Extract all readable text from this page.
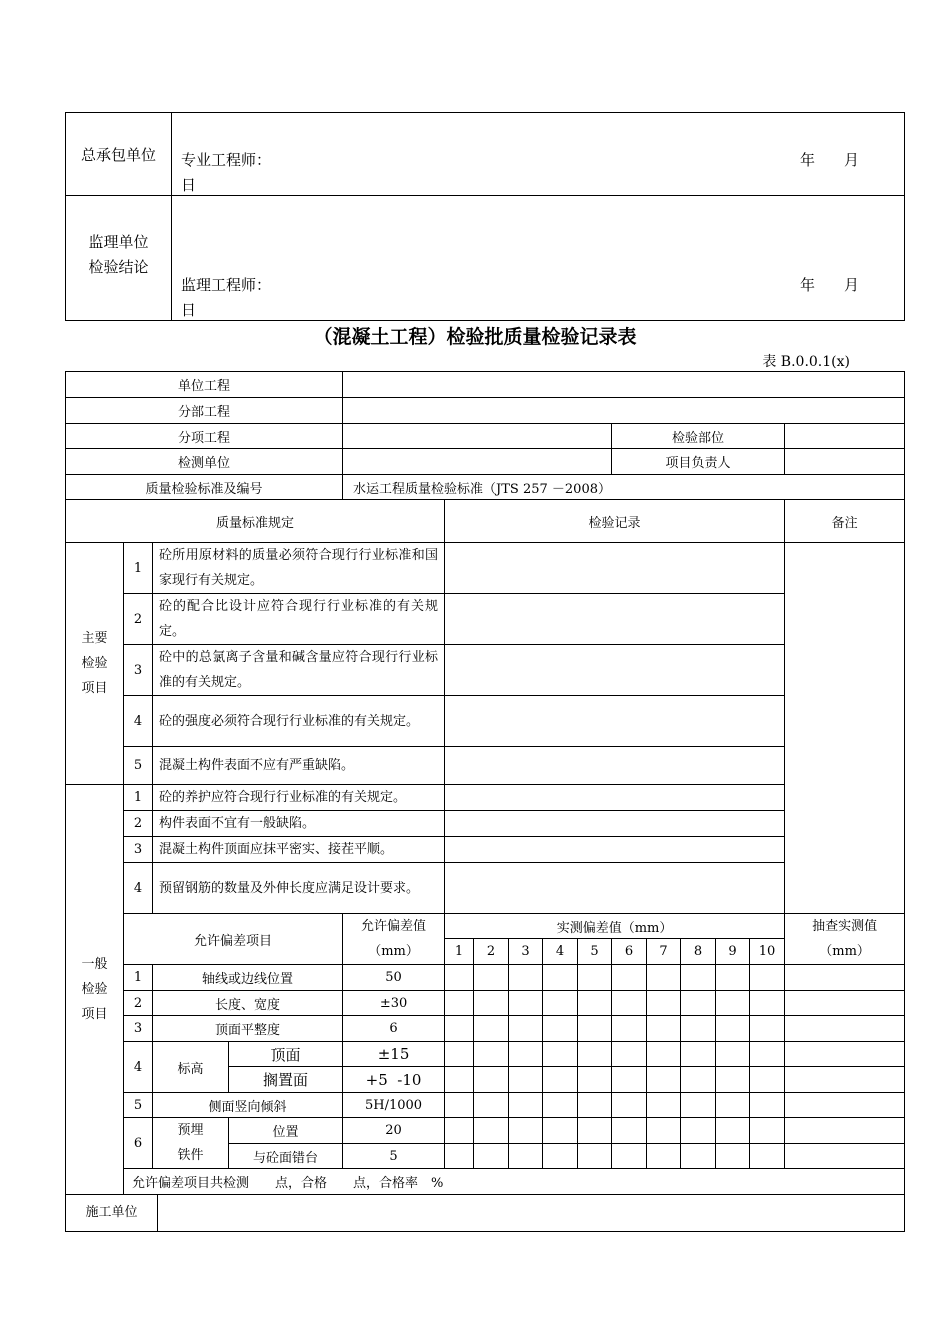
总承包单位	专业工程师： 年 月
日

监理单位
检验结论	监理工程师： 年 月
日
（混凝土工程）检验批质量检验记录表
表 B.0.0.1(x)
单位工程															
分部工程															
分项工程										检验部位					
检测单位										项目负责人					
质量检验标准及编号				水运工程质量检验标准（JTS 257 －2008）											
质量标准规定					检验记录										备注

主要
检验
项目	1	砼所用原材料的质量必须符合现行行业标准和国家现行有关规定。													
	2	砼的配合比设计应符合现行行业标准的有关规定。													
	3	砼中的总氯离子含量和碱含量应符合现行行业标准的有关规定。													
	4	砼的强度必须符合现行行业标准的有关规定。													
	5	混凝土构件表面不应有严重缺陷。													

一般
检验
项目	1	砼的养护应符合现行行业标准的有关规定。													
	2	构件表面不宜有一般缺陷。													
	3	混凝土构件顶面应抹平密实、接茬平顺。													
	4	预留钢筋的数量及外伸长度应满足设计要求。													
	允许偏差项目			允许偏差值
（mm）	实测偏差值（mm）										抽查实测值
（mm）

					1	2	3	4	5	6	7	8	9	10	
	1	轴线或边线位置		50											
	2	长度、宽度		±30											
	3	顶面平整度		6											
	4	标高	顶面	±15											
			搁置面	+5  -10											
	5	侧面竖向倾斜		5H/1000											
	6	预埋
铁件	位置	20											
			与砼面错台	5											
	允许偏差项目共检测　　点，合格　　点，合格率　%														
施工单位	
